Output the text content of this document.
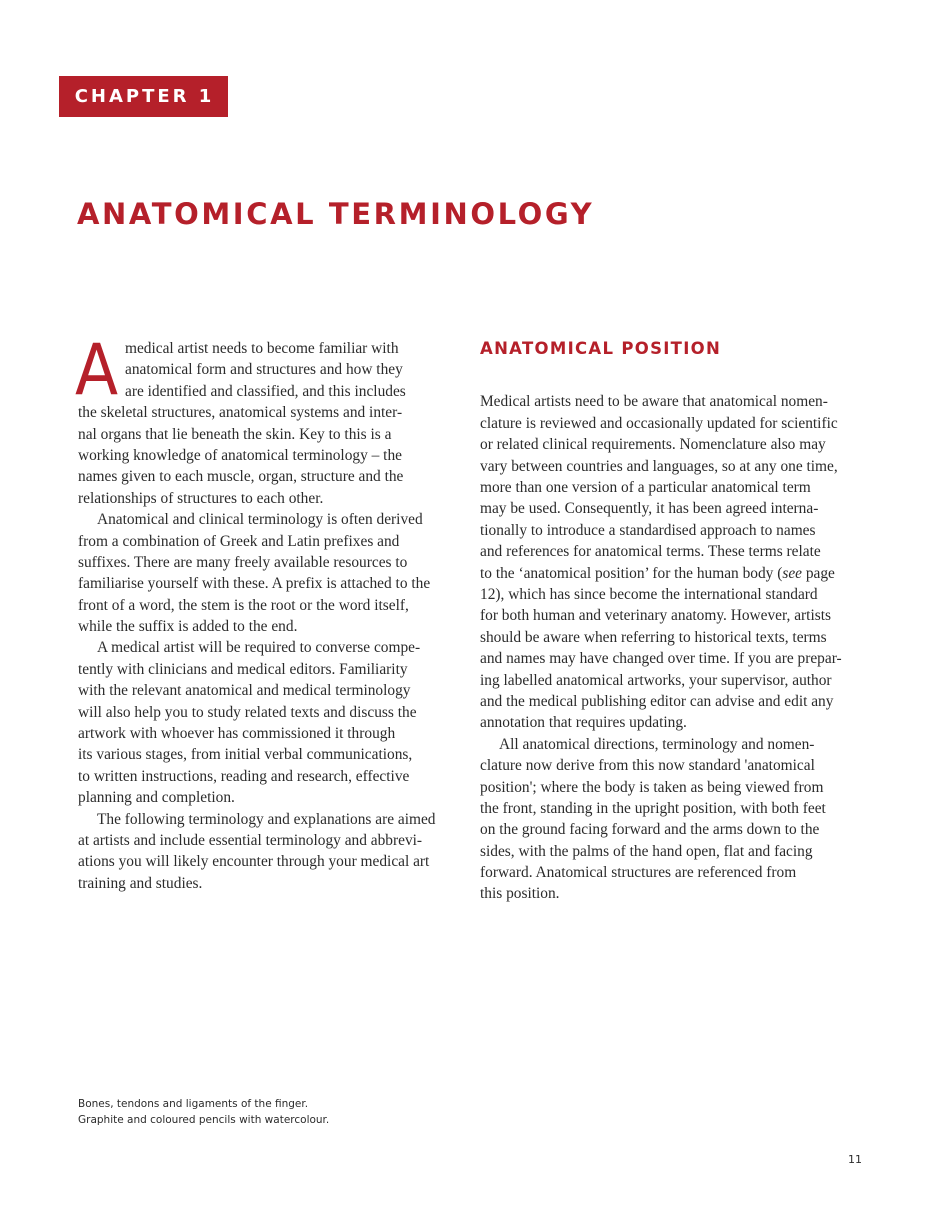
CHAPTER 1
ANATOMICAL TERMINOLOGY
A medical artist needs to become familiar with
anatomical form and structures and how they
are identified and classified, and this includes
the skeletal structures, anatomical systems and inter-
nal organs that lie beneath the skin. Key to this is a
working knowledge of anatomical terminology – the
names given to each muscle, organ, structure and the
relationships of structures to each other.
Anatomical and clinical terminology is often derived
from a combination of Greek and Latin prefixes and
suffixes. There are many freely available resources to
familiarise yourself with these. A prefix is attached to the
front of a word, the stem is the root or the word itself,
while the suffix is added to the end.
A medical artist will be required to converse compe-
tently with clinicians and medical editors. Familiarity
with the relevant anatomical and medical terminology
will also help you to study related texts and discuss the
artwork with whoever has commissioned it through
its various stages, from initial verbal communications,
to written instructions, reading and research, effective
planning and completion.
The following terminology and explanations are aimed
at artists and include essential terminology and abbrevi-
ations you will likely encounter through your medical art
training and studies.
ANATOMICAL POSITION
Medical artists need to be aware that anatomical nomen-
clature is reviewed and occasionally updated for scientific
or related clinical requirements. Nomenclature also may
vary between countries and languages, so at any one time,
more than one version of a particular anatomical term
may be used. Consequently, it has been agreed interna-
tionally to introduce a standardised approach to names
and references for anatomical terms. These terms relate
to the ‘anatomical position’ for the human body (see page
12), which has since become the international standard
for both human and veterinary anatomy. However, artists
should be aware when referring to historical texts, terms
and names may have changed over time. If you are prepar-
ing labelled anatomical artworks, your supervisor, author
and the medical publishing editor can advise and edit any
annotation that requires updating.
All anatomical directions, terminology and nomen-
clature now derive from this now standard 'anatomical
position'; where the body is taken as being viewed from
the front, standing in the upright position, with both feet
on the ground facing forward and the arms down to the
sides, with the palms of the hand open, flat and facing
forward. Anatomical structures are referenced from
this position.
Bones, tendons and ligaments of the finger.
Graphite and coloured pencils with watercolour.
11
